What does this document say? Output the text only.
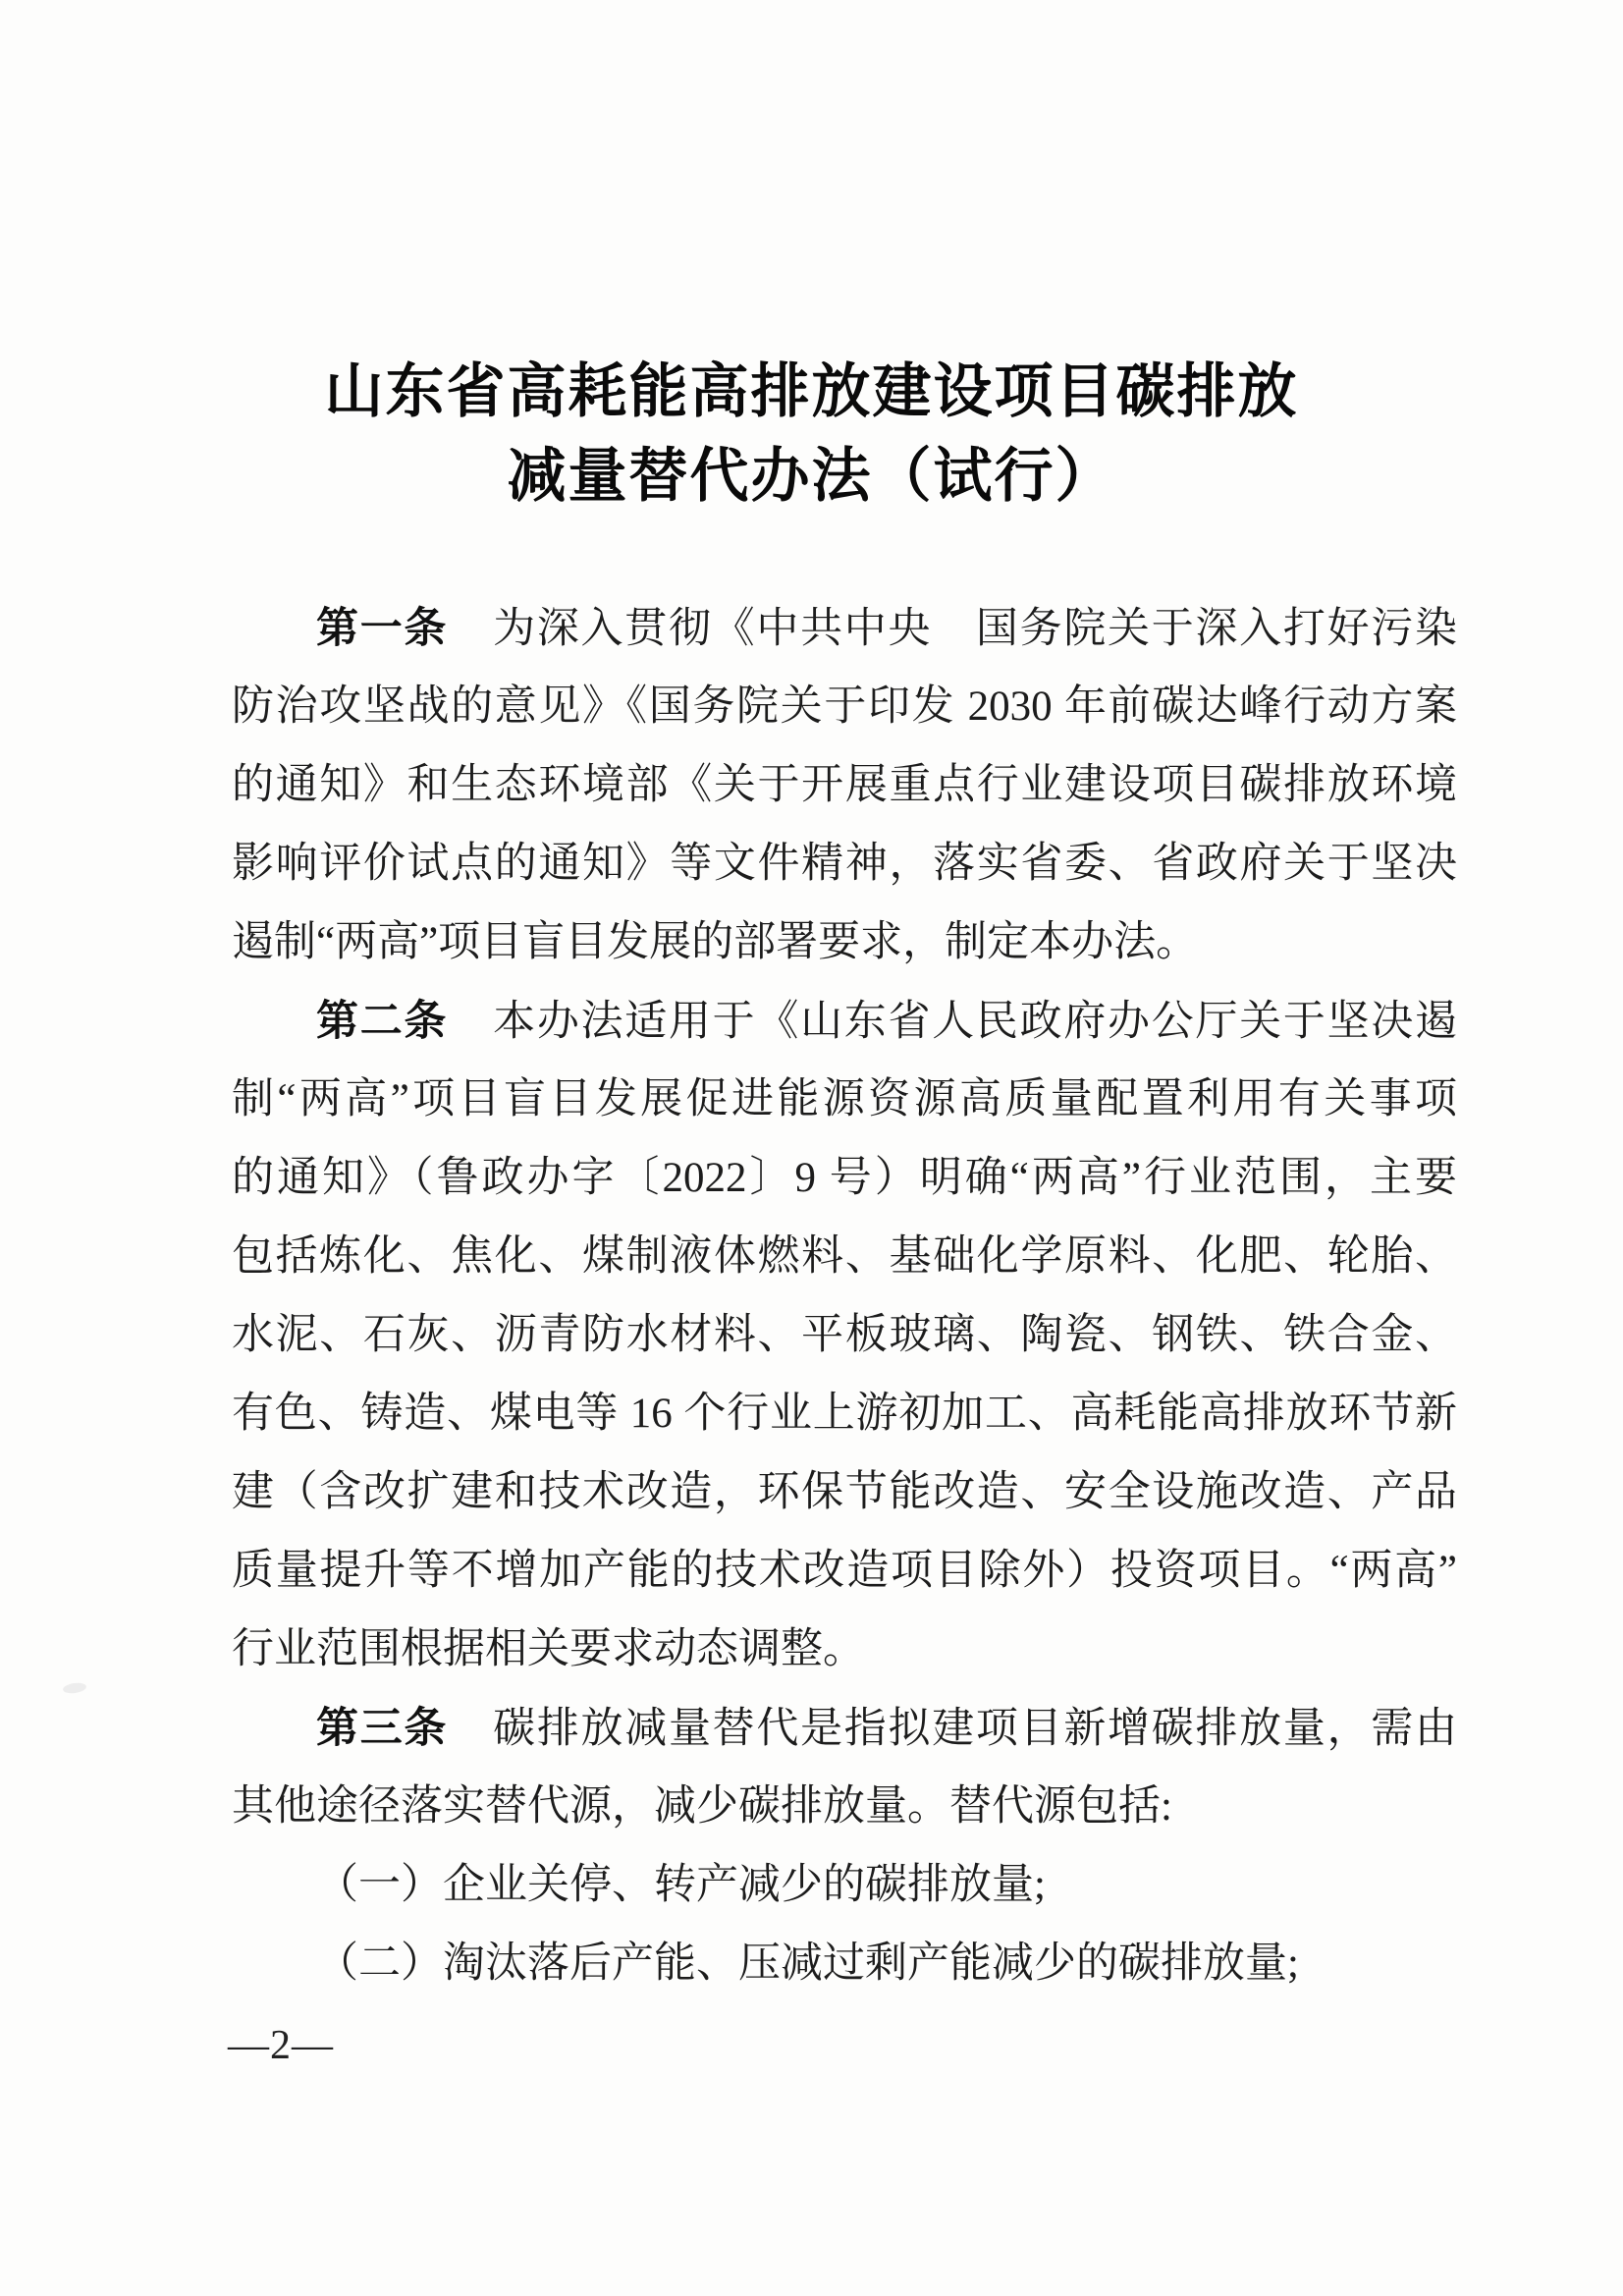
山东省高耗能高排放建设项目碳排放
减量替代办法（试行）
第一条 为深入贯彻《中共中央　国务院关于深入打好污染
防治攻坚战的意见》《国务院关于印发 2030 年前碳达峰行动方案
的通知》和生态环境部《关于开展重点行业建设项目碳排放环境
影响评价试点的通知》等文件精神，落实省委、省政府关于坚决
遏制“两高”项目盲目发展的部署要求，制定本办法。
第二条 本办法适用于《山东省人民政府办公厅关于坚决遏
制“两高”项目盲目发展促进能源资源高质量配置利用有关事项
的通知》（鲁政办字〔2022〕9 号）明确“两高”行业范围，主要
包括炼化、焦化、煤制液体燃料、基础化学原料、化肥、轮胎、
水泥、石灰、沥青防水材料、平板玻璃、陶瓷、钢铁、铁合金、
有色、铸造、煤电等 16 个行业上游初加工、高耗能高排放环节新
建（含改扩建和技术改造，环保节能改造、安全设施改造、产品
质量提升等不增加产能的技术改造项目除外）投资项目。“两高”
行业范围根据相关要求动态调整。
第三条 碳排放减量替代是指拟建项目新增碳排放量，需由
其他途径落实替代源，减少碳排放量。替代源包括:
（一）企业关停、转产减少的碳排放量;
（二）淘汰落后产能、压减过剩产能减少的碳排放量;
—2—
